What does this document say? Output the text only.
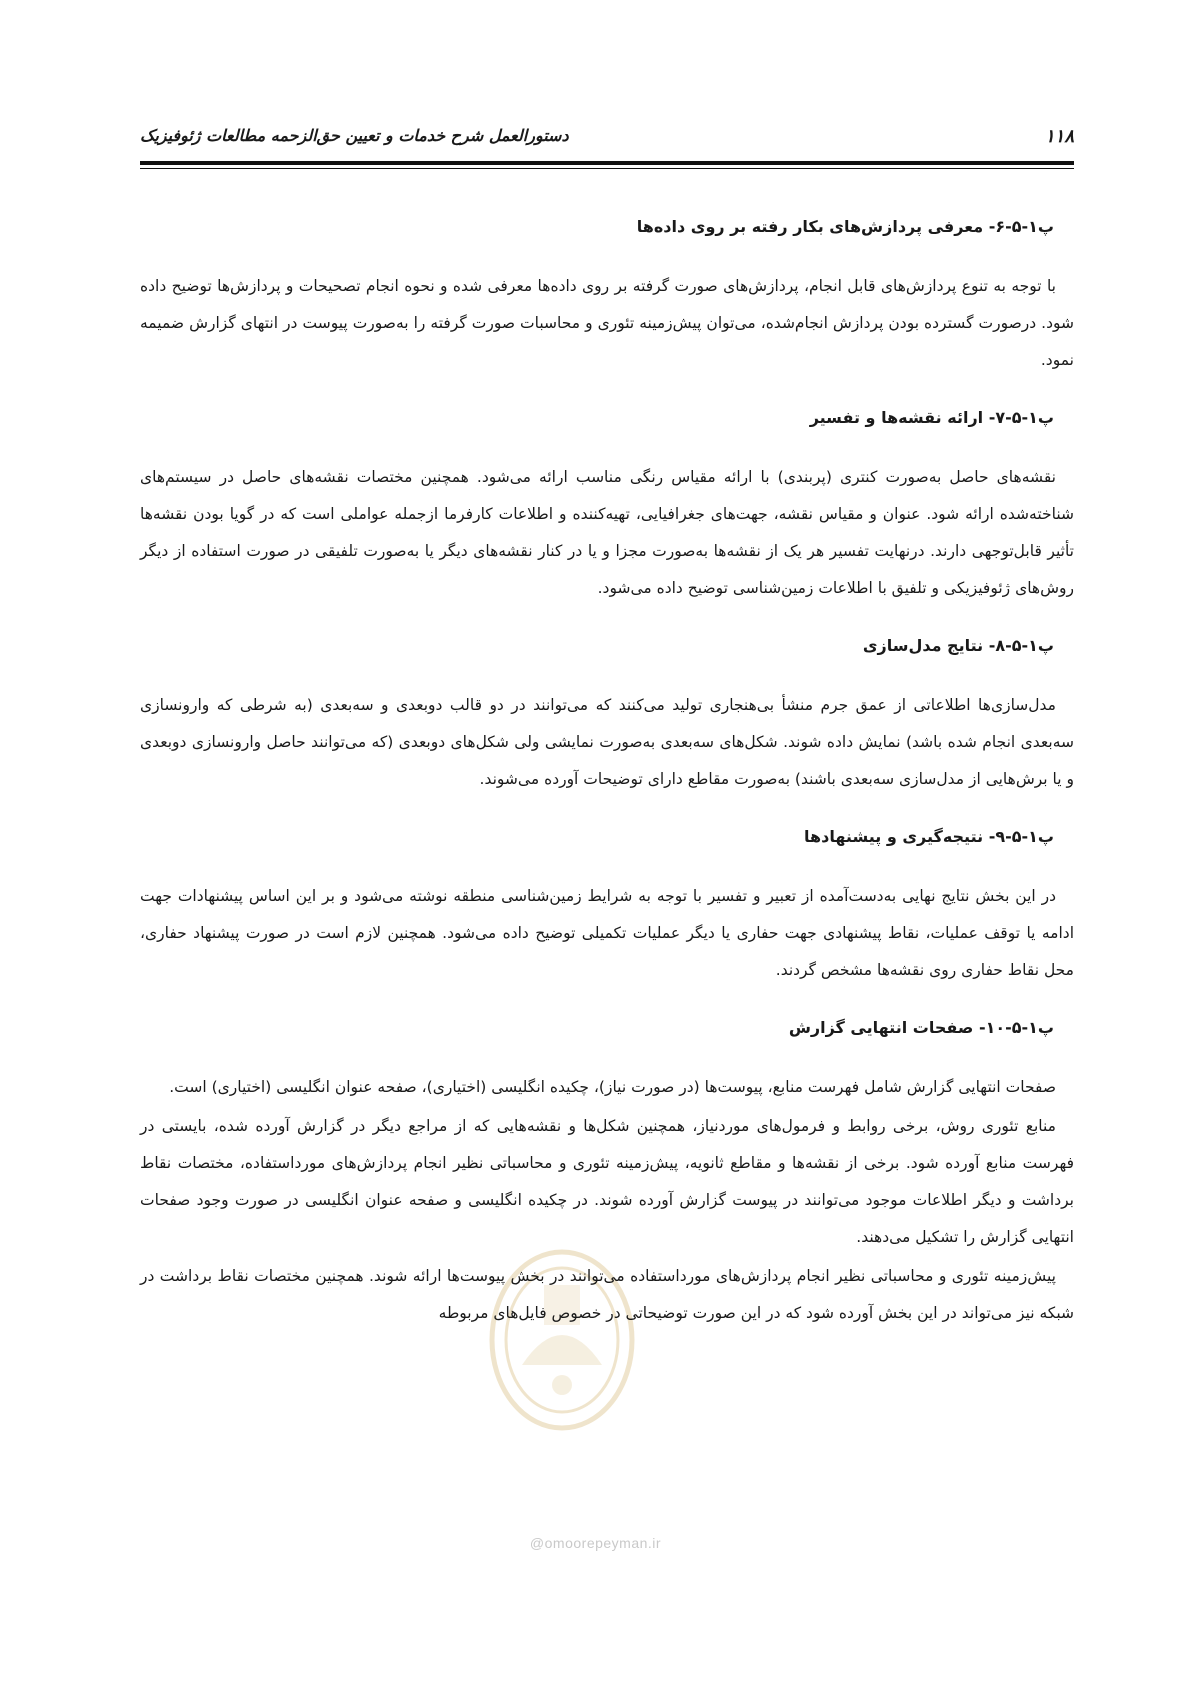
۱۱۸
دستورالعمل شرح خدمات و تعیین حق‌الزحمه مطالعات ژئوفیزیک
@omoorepeyman.ir
پ۱-۵-۶- معرفی پردازش‌های بکار رفته بر روی داده‌ها

با توجه به تنوع پردازش‌های قابل انجام، پردازش‌های صورت گرفته بر روی داده‌ها معرفی شده و نحوه انجام تصحیحات و پردازش‌ها توضیح داده شود. درصورت گسترده بودن پردازش انجام‌شده، می‌توان پیش‌زمینه تئوری و محاسبات صورت گرفته را به‌صورت پیوست در انتهای گزارش ضمیمه نمود.

پ۱-۵-۷- ارائه نقشه‌ها و تفسیر

نقشه‌های حاصل به‌صورت کنتری (پربندی) با ارائه مقیاس رنگی مناسب ارائه می‌شود. همچنین مختصات نقشه‌های حاصل در سیستم‌های شناخته‌شده ارائه شود. عنوان و مقیاس نقشه، جهت‌های جغرافیایی، تهیه‌کننده و اطلاعات کارفرما ازجمله عواملی است که در گویا بودن نقشه‌ها تأثیر قابل‌توجهی دارند. درنهایت تفسیر هر یک از نقشه‌ها به‌صورت مجزا و یا در کنار نقشه‌های دیگر یا به‌صورت تلفیقی در صورت استفاده از دیگر روش‌های ژئوفیزیکی و تلفیق با اطلاعات زمین‌شناسی توضیح داده می‌شود.

پ۱-۵-۸- نتایج مدل‌سازی

مدل‌سازی‌ها اطلاعاتی از عمق جرم منشأ بی‌هنجاری تولید می‌کنند که می‌توانند در دو قالب دوبعدی و سه‌بعدی (به شرطی که وارونسازی سه‌بعدی انجام شده باشد) نمایش داده شوند. شکل‌های سه‌بعدی به‌صورت نمایشی ولی شکل‌های دوبعدی (که می‌توانند حاصل وارونسازی دوبعدی و یا برش‌هایی از مدل‌سازی سه‌بعدی باشند) به‌صورت مقاطع دارای توضیحات آورده می‌شوند.

پ۱-۵-۹- نتیجه‌گیری و پیشنهادها

در این بخش نتایج نهایی به‌دست‌آمده از تعبیر و تفسیر با توجه به شرایط زمین‌شناسی منطقه نوشته می‌شود و بر این اساس پیشنهادات جهت ادامه یا توقف عملیات، نقاط پیشنهادی جهت حفاری یا دیگر عملیات تکمیلی توضیح داده می‌شود. همچنین لازم است در صورت پیشنهاد حفاری، محل نقاط حفاری روی نقشه‌ها مشخص گردند.

پ۱-۵-۱۰- صفحات انتهایی گزارش

صفحات انتهایی گزارش شامل فهرست منابع، پیوست‌ها (در صورت نیاز)، چکیده انگلیسی (اختیاری)، صفحه عنوان انگلیسی (اختیاری) است.

منابع تئوری روش، برخی روابط و فرمول‌های موردنیاز، همچنین شکل‌ها و نقشه‌هایی که از مراجع دیگر در گزارش آورده شده، بایستی در فهرست منابع آورده شود. برخی از نقشه‌ها و مقاطع ثانویه، پیش‌زمینه تئوری و محاسباتی نظیر انجام پردازش‌های مورداستفاده، مختصات نقاط برداشت و دیگر اطلاعات موجود می‌توانند در پیوست گزارش آورده شوند. در چکیده انگلیسی و صفحه عنوان انگلیسی در صورت وجود صفحات انتهایی گزارش را تشکیل می‌دهند.

پیش‌زمینه تئوری و محاسباتی نظیر انجام پردازش‌های مورداستفاده می‌توانند در بخش پیوست‌ها ارائه شوند. همچنین مختصات نقاط برداشت در شبکه نیز می‌تواند در این بخش آورده شود که در این صورت توضیحاتی در خصوص فایل‌های مربوطه
